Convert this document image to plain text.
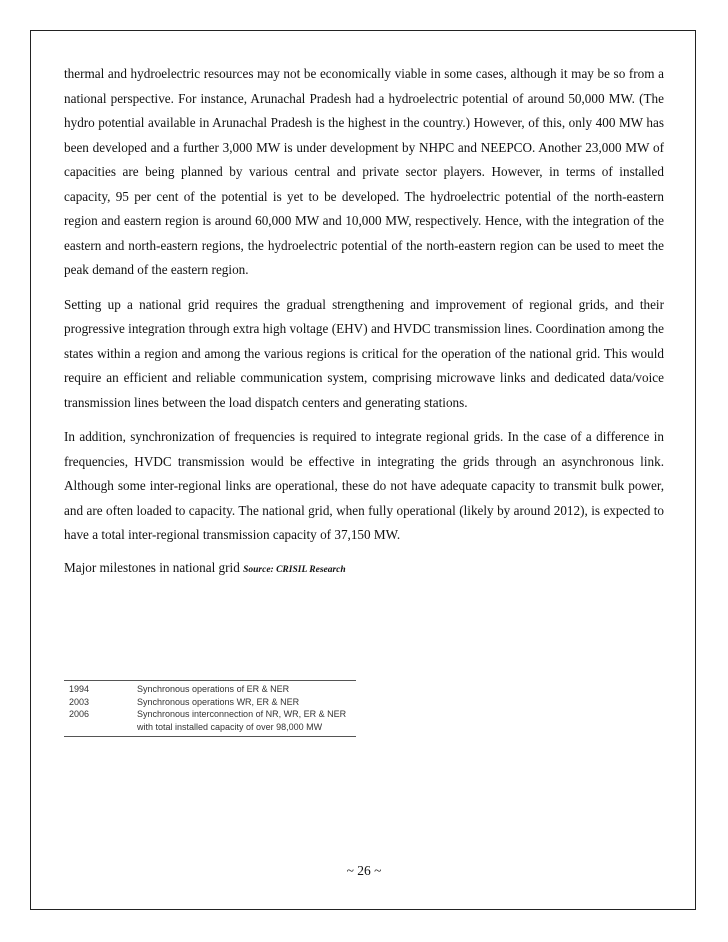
thermal and hydroelectric resources may not be economically viable in some cases, although it may be so from a national perspective. For instance, Arunachal Pradesh had a hydroelectric potential of around 50,000 MW. (The hydro potential available in Arunachal Pradesh is the highest in the country.) However, of this, only 400 MW has been developed and a further 3,000 MW is under development by NHPC and NEEPCO. Another 23,000 MW of capacities are being planned by various central and private sector players. However, in terms of installed capacity, 95 per cent of the potential is yet to be developed. The hydroelectric potential of the north-eastern region and eastern region is around 60,000 MW and 10,000 MW, respectively. Hence, with the integration of the eastern and north-eastern regions, the hydroelectric potential of the north-eastern region can be used to meet the peak demand of the eastern region.

Setting up a national grid requires the gradual strengthening and improvement of regional grids, and their progressive integration through extra high voltage (EHV) and HVDC transmission lines. Coordination among the states within a region and among the various regions is critical for the operation of the national grid. This would require an efficient and reliable communication system, comprising microwave links and dedicated data/voice transmission lines between the load dispatch centers and generating stations.

In addition, synchronization of frequencies is required to integrate regional grids. In the case of a difference in frequencies, HVDC transmission would be effective in integrating the grids through an asynchronous link. Although some inter-regional links are operational, these do not have adequate capacity to transmit bulk power, and are often loaded to capacity. The national grid, when fully operational (likely by around 2012), is expected to have a total inter-regional transmission capacity of 37,150 MW.

Major milestones in national grid Source: CRISIL Research

1994	Synchronous operations of ER & NER
2003	Synchronous operations WR, ER & NER
2006	Synchronous interconnection of NR, WR, ER & NER
with total installed capacity of over 98,000 MW
~ 26 ~
